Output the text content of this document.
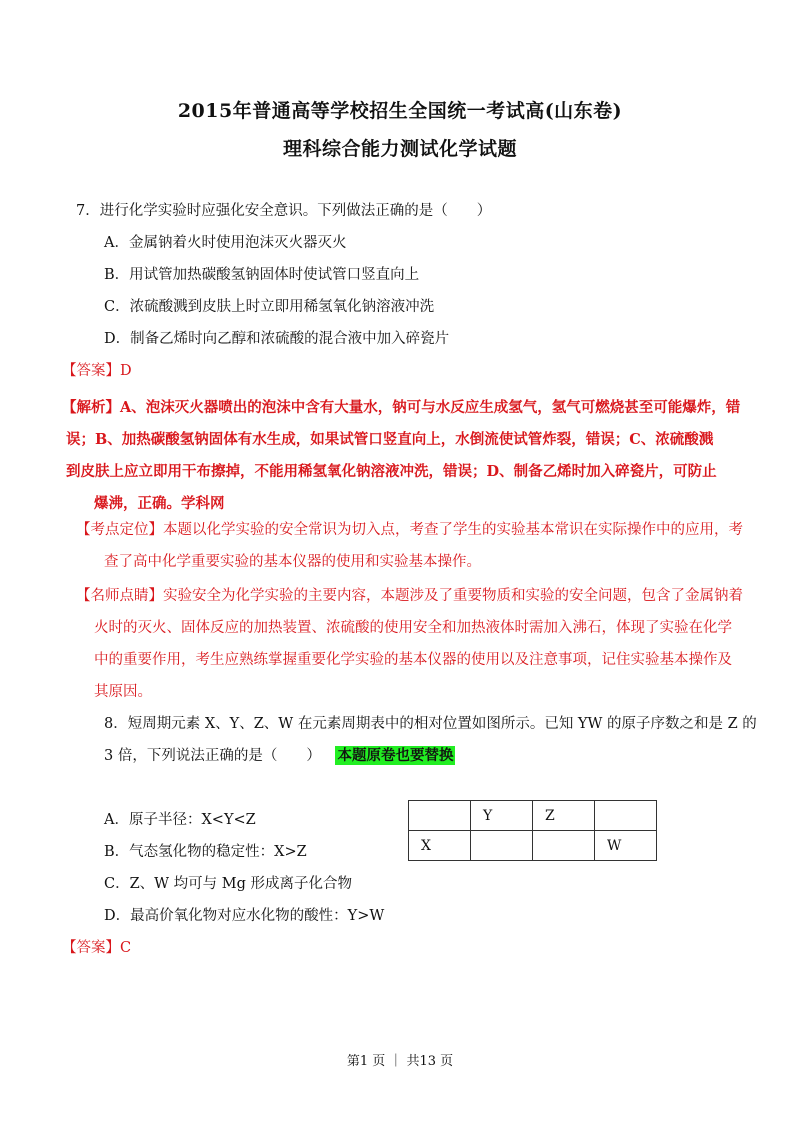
2015年普通高等学校招生全国统一考试高(山东卷)
理科综合能力测试化学试题
7．进行化学实验时应强化安全意识。下列做法正确的是（　　）
A．金属钠着火时使用泡沫灭火器灭火
B．用试管加热碳酸氢钠固体时使试管口竖直向上
C．浓硫酸溅到皮肤上时立即用稀氢氧化钠溶液冲洗
D．制备乙烯时向乙醇和浓硫酸的混合液中加入碎瓷片
【答案】D
【解析】A、泡沫灭火器喷出的泡沫中含有大量水，钠可与水反应生成氢气，氢气可燃烧甚至可能爆炸，错
误；B、加热碳酸氢钠固体有水生成，如果试管口竖直向上，水倒流使试管炸裂，错误；C、浓硫酸溅
到皮肤上应立即用干布擦掉，不能用稀氢氧化钠溶液冲洗，错误；D、制备乙烯时加入碎瓷片，可防止
爆沸，正确。学科网
【考点定位】本题以化学实验的安全常识为切入点，考查了学生的实验基本常识在实际操作中的应用，考
查了高中化学重要实验的基本仪器的使用和实验基本操作。
【名师点睛】实验安全为化学实验的主要内容，本题涉及了重要物质和实验的安全问题，包含了金属钠着
火时的灭火、固体反应的加热装置、浓硫酸的使用安全和加热液体时需加入沸石，体现了实验在化学
中的重要作用，考生应熟练掌握重要化学实验的基本仪器的使用以及注意事项，记住实验基本操作及
其原因。
8．短周期元素 X、Y、Z、W 在元素周期表中的相对位置如图所示。已知 YW 的原子序数之和是 Z 的
3 倍，下列说法正确的是（　　） 本题原卷也要替换
A．原子半径：X<Y<Z
B．气态氢化物的稳定性：X>Z
C．Z、W 均可与 Mg 形成离子化合物
D．最高价氧化物对应水化物的酸性：Y>W
	Y	Z	
X			W
【答案】C
第1 页 ｜ 共13 页
